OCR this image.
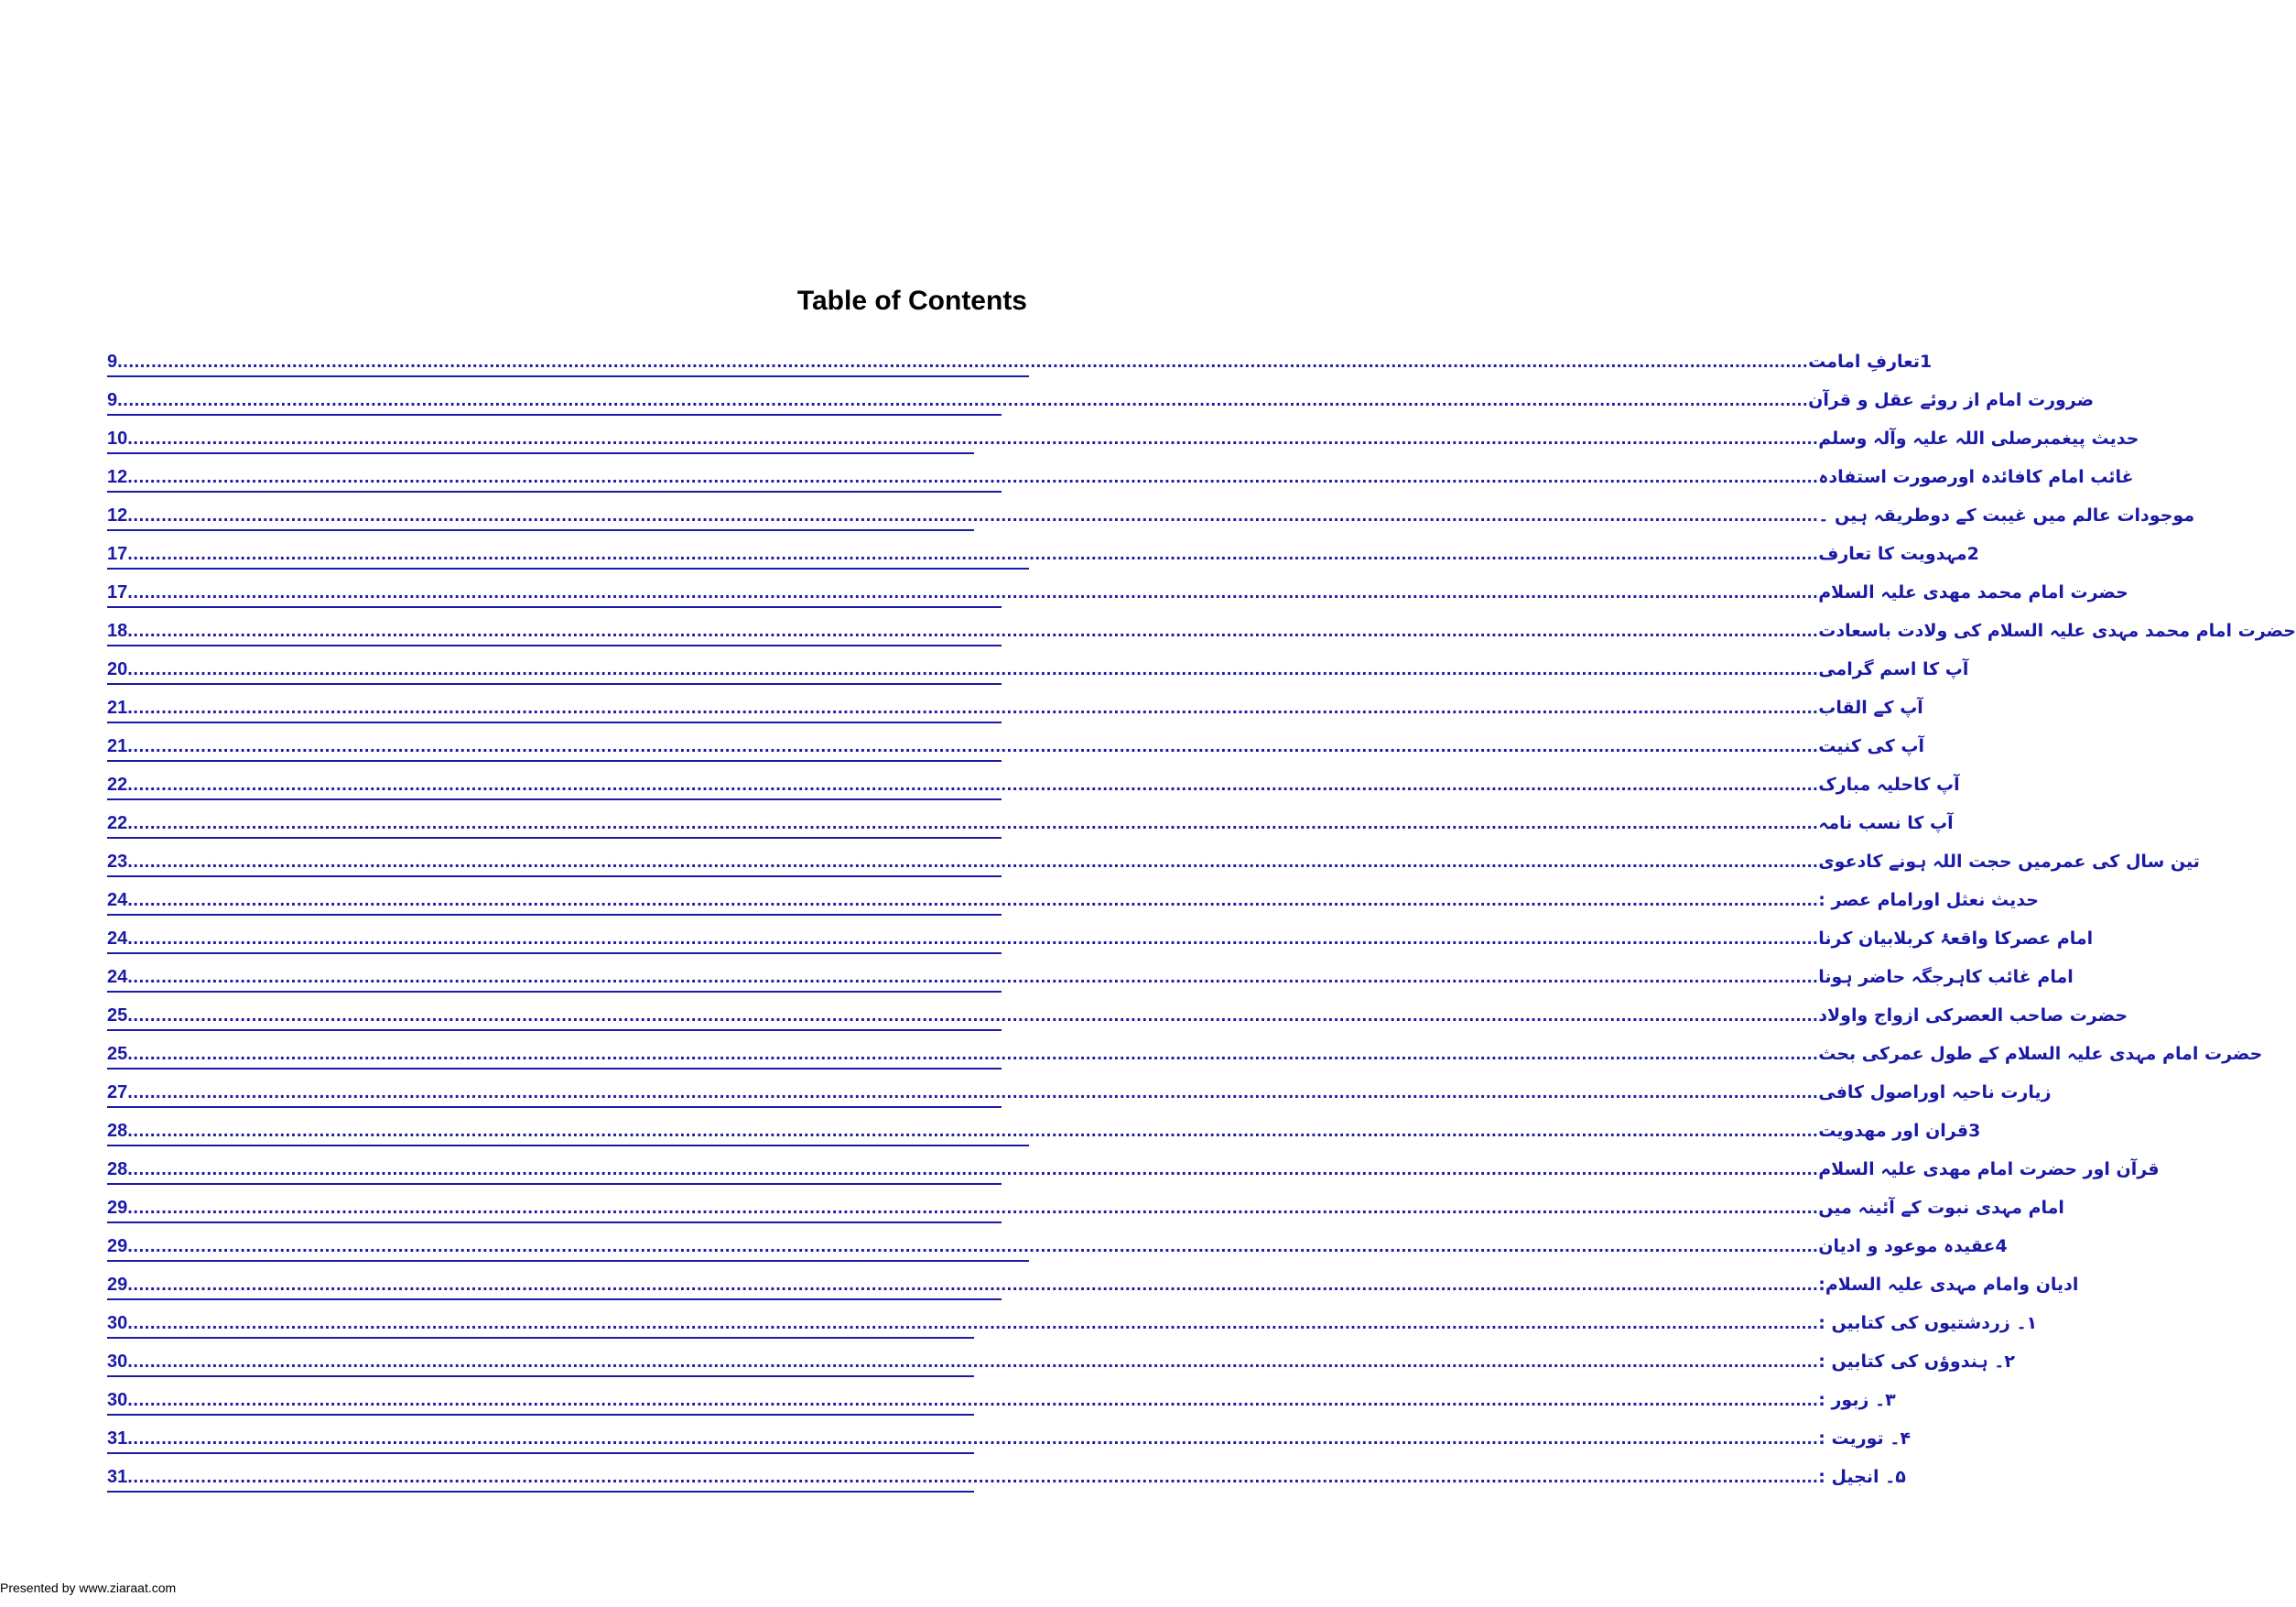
Table of Contents
9 ............................................................................................................................................................................................................................................................................................................ 1تعارفِ امامت
9 ............................................................................................................................................................................................................................................................................................................ ضرورت امام از روئے عقل و قرآن
10 ............................................................................................................................................................................................................................................................................................................ حدیث پیغمبرصلی اللہ علیہ وآلہ وسلم
12 ............................................................................................................................................................................................................................................................................................................ غائب امام کافائدہ اورصورت استفادہ
12 ............................................................................................................................................................................................................................................................................................................ موجودات عالم میں غیبت کے دوطریقہ ہیں ۔
17 ............................................................................................................................................................................................................................................................................................................ 2مہدویت کا تعارف
17 ............................................................................................................................................................................................................................................................................................................ حضرت امام محمد مھدی علیہ السلام
18 ............................................................................................................................................................................................................................................................................................................ حضرت امام محمد مہدی علیہ السلام کی ولادت باسعادت
20 ............................................................................................................................................................................................................................................................................................................ آپ کا اسم گرامی
21 ............................................................................................................................................................................................................................................................................................................ آپ کے القاب
21 ............................................................................................................................................................................................................................................................................................................ آپ کی کنیت
22 ............................................................................................................................................................................................................................................................................................................ آپ کاحلیہ مبارک
22 ............................................................................................................................................................................................................................................................................................................ آپ کا نسب نامہ
23 ............................................................................................................................................................................................................................................................................................................ تین سال کی عمرمیں حجت اللہ ہونے کادعوی
24 ............................................................................................................................................................................................................................................................................................................ حدیث نعثل اورامام عصر :
24 ............................................................................................................................................................................................................................................................................................................ امام عصرکا واقعۂ کربلابیان کرنا
24 ............................................................................................................................................................................................................................................................................................................ امام غائب کاہرجگہ حاضر ہونا
25 ............................................................................................................................................................................................................................................................................................................ حضرت صاحب العصرکی ازواج واولاد
25 ............................................................................................................................................................................................................................................................................................................ حضرت امام مہدی علیہ السلام کے طول عمرکی بحث
27 ............................................................................................................................................................................................................................................................................................................ زیارت ناحیہ اوراصول کافی
28 ............................................................................................................................................................................................................................................................................................................ 3قران اور مھدویت
28 ............................................................................................................................................................................................................................................................................................................ قرآن اور حضرت امام مھدی علیہ السلام
29 ............................................................................................................................................................................................................................................................................................................ امام مہدی نبوت کے آئینہ میں
29 ............................................................................................................................................................................................................................................................................................................ 4عقیدہ موعود و ادیان
29 ............................................................................................................................................................................................................................................................................................................ ادیان وامام مہدی علیہ السلام:
30 ............................................................................................................................................................................................................................................................................................................ ۱۔ زردشتیوں کی کتابیں :
30 ............................................................................................................................................................................................................................................................................................................ ۲۔ ہندوؤں کی کتابیں :
30 ............................................................................................................................................................................................................................................................................................................ ۳۔ زبور :
31 ............................................................................................................................................................................................................................................................................................................ ۴۔ توریت :
31 ............................................................................................................................................................................................................................................................................................................ ۵۔ انجیل :
Presented by www.ziaraat.com
